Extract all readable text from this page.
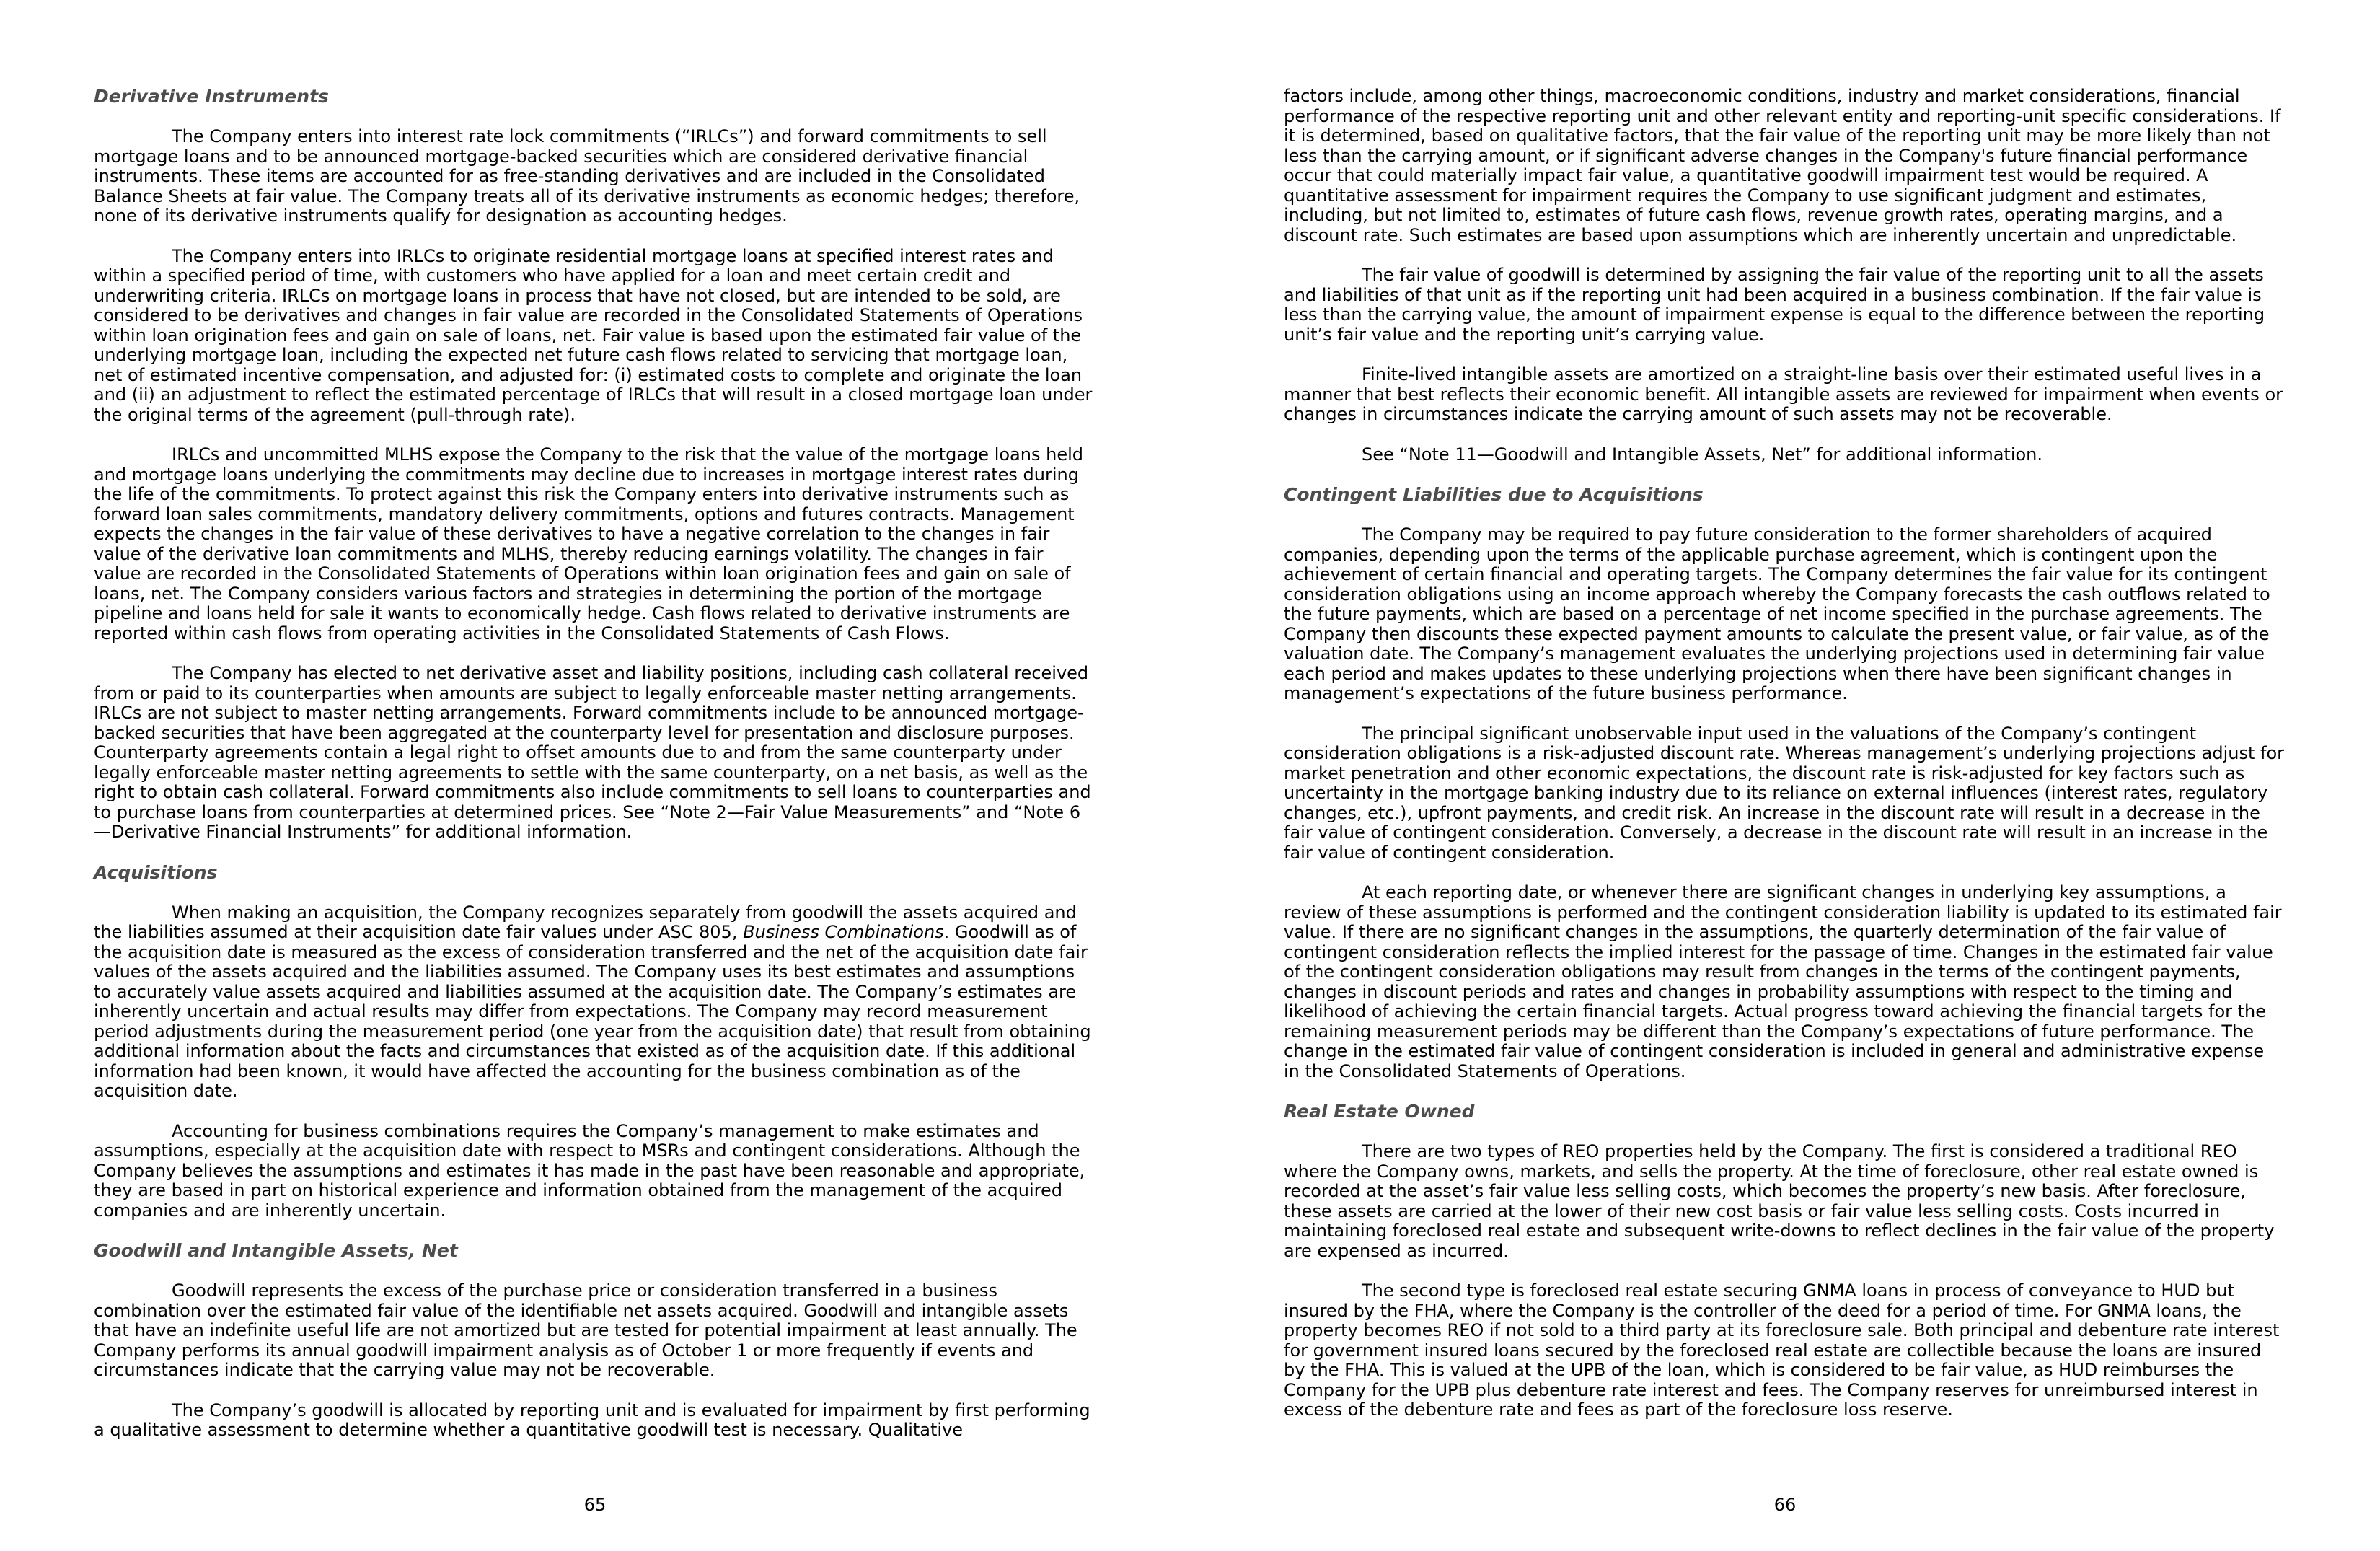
Derivative Instruments

The Company enters into interest rate lock commitments (“IRLCs”) and forward commitments to sell mortgage loans and to be announced mortgage-backed securities which are considered derivative financial instruments. These items are accounted for as free-standing derivatives and are included in the Consolidated Balance Sheets at fair value. The Company treats all of its derivative instruments as economic hedges; therefore, none of its derivative instruments qualify for designation as accounting hedges.

The Company enters into IRLCs to originate residential mortgage loans at specified interest rates and within a specified period of time, with customers who have applied for a loan and meet certain credit and underwriting criteria. IRLCs on mortgage loans in process that have not closed, but are intended to be sold, are considered to be derivatives and changes in fair value are recorded in the Consolidated Statements of Operations within loan origination fees and gain on sale of loans, net. Fair value is based upon the estimated fair value of the underlying mortgage loan, including the expected net future cash flows related to servicing that mortgage loan, net of estimated incentive compensation, and adjusted for: (i) estimated costs to complete and originate the loan and (ii) an adjustment to reflect the estimated percentage of IRLCs that will result in a closed mortgage loan under the original terms of the agreement (pull-through rate).

IRLCs and uncommitted MLHS expose the Company to the risk that the value of the mortgage loans held and mortgage loans underlying the commitments may decline due to increases in mortgage interest rates during the life of the commitments. To protect against this risk the Company enters into derivative instruments such as forward loan sales commitments, mandatory delivery commitments, options and futures contracts. Management expects the changes in the fair value of these derivatives to have a negative correlation to the changes in fair value of the derivative loan commitments and MLHS, thereby reducing earnings volatility. The changes in fair value are recorded in the Consolidated Statements of Operations within loan origination fees and gain on sale of loans, net. The Company considers various factors and strategies in determining the portion of the mortgage pipeline and loans held for sale it wants to economically hedge. Cash flows related to derivative instruments are reported within cash flows from operating activities in the Consolidated Statements of Cash Flows.

The Company has elected to net derivative asset and liability positions, including cash collateral received from or paid to its counterparties when amounts are subject to legally enforceable master netting arrangements. IRLCs are not subject to master netting arrangements. Forward commitments include to be announced mortgage-backed securities that have been aggregated at the counterparty level for presentation and disclosure purposes. Counterparty agreements contain a legal right to offset amounts due to and from the same counterparty under legally enforceable master netting agreements to settle with the same counterparty, on a net basis, as well as the right to obtain cash collateral. Forward commitments also include commitments to sell loans to counterparties and to purchase loans from counterparties at determined prices. See “Note 2—Fair Value Measurements” and “Note 6—Derivative Financial Instruments” for additional information.

Acquisitions

When making an acquisition, the Company recognizes separately from goodwill the assets acquired and the liabilities assumed at their acquisition date fair values under ASC 805, Business Combinations. Goodwill as of the acquisition date is measured as the excess of consideration transferred and the net of the acquisition date fair values of the assets acquired and the liabilities assumed. The Company uses its best estimates and assumptions to accurately value assets acquired and liabilities assumed at the acquisition date. The Company’s estimates are inherently uncertain and actual results may differ from expectations. The Company may record measurement period adjustments during the measurement period (one year from the acquisition date) that result from obtaining additional information about the facts and circumstances that existed as of the acquisition date. If this additional information had been known, it would have affected the accounting for the business combination as of the acquisition date.

Accounting for business combinations requires the Company’s management to make estimates and assumptions, especially at the acquisition date with respect to MSRs and contingent considerations. Although the Company believes the assumptions and estimates it has made in the past have been reasonable and appropriate, they are based in part on historical experience and information obtained from the management of the acquired companies and are inherently uncertain.

Goodwill and Intangible Assets, Net

Goodwill represents the excess of the purchase price or consideration transferred in a business combination over the estimated fair value of the identifiable net assets acquired. Goodwill and intangible assets that have an indefinite useful life are not amortized but are tested for potential impairment at least annually. The Company performs its annual goodwill impairment analysis as of October 1 or more frequently if events and circumstances indicate that the carrying value may not be recoverable.

The Company’s goodwill is allocated by reporting unit and is evaluated for impairment by first performing a qualitative assessment to determine whether a quantitative goodwill test is necessary. Qualitative

65

factors include, among other things, macroeconomic conditions, industry and market considerations, financial performance of the respective reporting unit and other relevant entity and reporting-unit specific considerations. If it is determined, based on qualitative factors, that the fair value of the reporting unit may be more likely than not less than the carrying amount, or if significant adverse changes in the Company's future financial performance occur that could materially impact fair value, a quantitative goodwill impairment test would be required. A quantitative assessment for impairment requires the Company to use significant judgment and estimates, including, but not limited to, estimates of future cash flows, revenue growth rates, operating margins, and a discount rate. Such estimates are based upon assumptions which are inherently uncertain and unpredictable.

The fair value of goodwill is determined by assigning the fair value of the reporting unit to all the assets and liabilities of that unit as if the reporting unit had been acquired in a business combination. If the fair value is less than the carrying value, the amount of impairment expense is equal to the difference between the reporting unit’s fair value and the reporting unit’s carrying value.

Finite-lived intangible assets are amortized on a straight-line basis over their estimated useful lives in a manner that best reflects their economic benefit. All intangible assets are reviewed for impairment when events or changes in circumstances indicate the carrying amount of such assets may not be recoverable.

See “Note 11—Goodwill and Intangible Assets, Net” for additional information.

Contingent Liabilities due to Acquisitions

The Company may be required to pay future consideration to the former shareholders of acquired companies, depending upon the terms of the applicable purchase agreement, which is contingent upon the achievement of certain financial and operating targets. The Company determines the fair value for its contingent consideration obligations using an income approach whereby the Company forecasts the cash outflows related to the future payments, which are based on a percentage of net income specified in the purchase agreements. The Company then discounts these expected payment amounts to calculate the present value, or fair value, as of the valuation date. The Company’s management evaluates the underlying projections used in determining fair value each period and makes updates to these underlying projections when there have been significant changes in management’s expectations of the future business performance.

The principal significant unobservable input used in the valuations of the Company’s contingent consideration obligations is a risk-adjusted discount rate. Whereas management’s underlying projections adjust for market penetration and other economic expectations, the discount rate is risk-adjusted for key factors such as uncertainty in the mortgage banking industry due to its reliance on external influences (interest rates, regulatory changes, etc.), upfront payments, and credit risk. An increase in the discount rate will result in a decrease in the fair value of contingent consideration. Conversely, a decrease in the discount rate will result in an increase in the fair value of contingent consideration.

At each reporting date, or whenever there are significant changes in underlying key assumptions, a review of these assumptions is performed and the contingent consideration liability is updated to its estimated fair value. If there are no significant changes in the assumptions, the quarterly determination of the fair value of contingent consideration reflects the implied interest for the passage of time. Changes in the estimated fair value of the contingent consideration obligations may result from changes in the terms of the contingent payments, changes in discount periods and rates and changes in probability assumptions with respect to the timing and likelihood of achieving the certain financial targets. Actual progress toward achieving the financial targets for the remaining measurement periods may be different than the Company’s expectations of future performance. The change in the estimated fair value of contingent consideration is included in general and administrative expense in the Consolidated Statements of Operations.

Real Estate Owned

There are two types of REO properties held by the Company. The first is considered a traditional REO where the Company owns, markets, and sells the property. At the time of foreclosure, other real estate owned is recorded at the asset’s fair value less selling costs, which becomes the property’s new basis. After foreclosure, these assets are carried at the lower of their new cost basis or fair value less selling costs. Costs incurred in maintaining foreclosed real estate and subsequent write-downs to reflect declines in the fair value of the property are expensed as incurred.

The second type is foreclosed real estate securing GNMA loans in process of conveyance to HUD but insured by the FHA, where the Company is the controller of the deed for a period of time. For GNMA loans, the property becomes REO if not sold to a third party at its foreclosure sale. Both principal and debenture rate interest for government insured loans secured by the foreclosed real estate are collectible because the loans are insured by the FHA. This is valued at the UPB of the loan, which is considered to be fair value, as HUD reimburses the Company for the UPB plus debenture rate interest and fees. The Company reserves for unreimbursed interest in excess of the debenture rate and fees as part of the foreclosure loss reserve.

66
